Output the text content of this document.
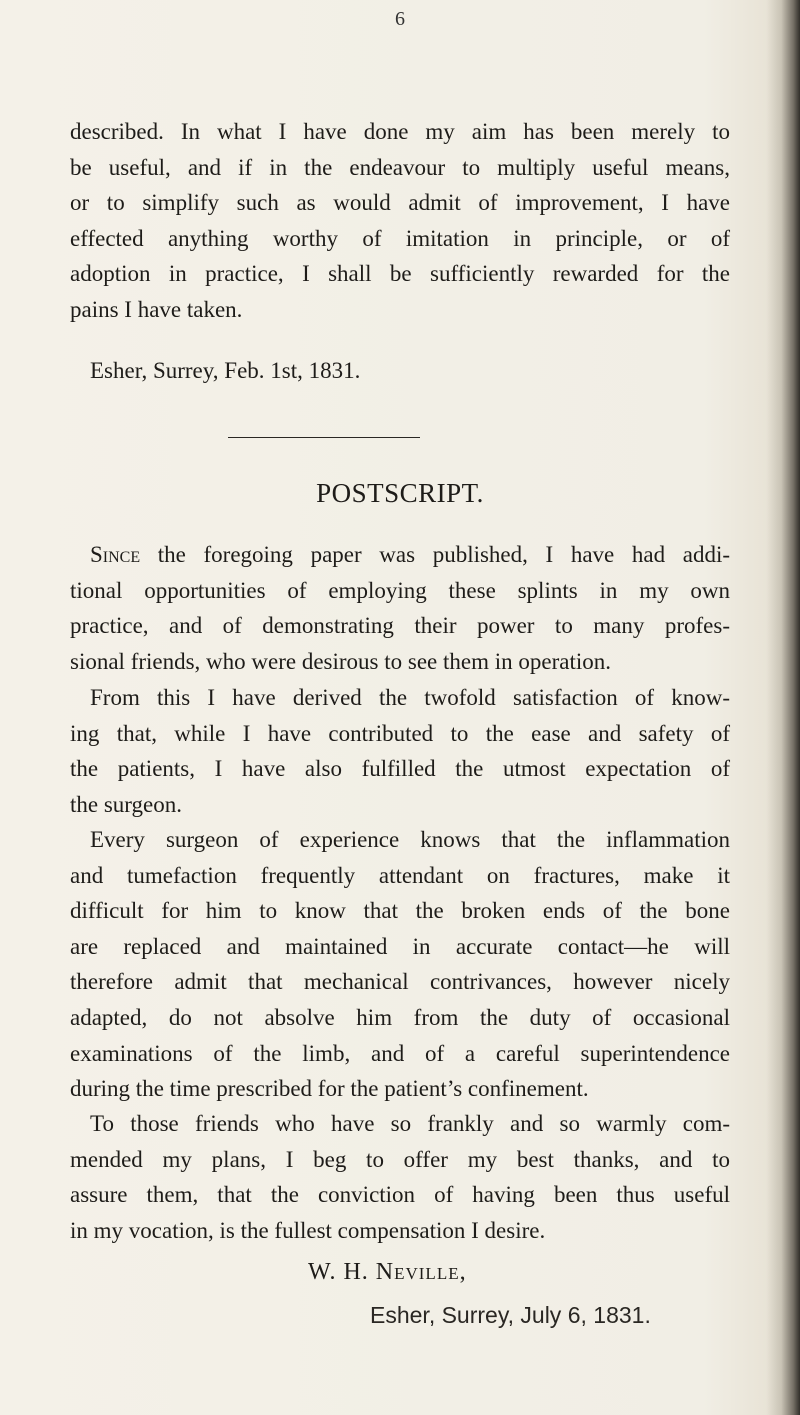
6

described. In what I have done my aim has been merely to
be useful, and if in the endeavour to multiply useful means,
or to simplify such as would admit of improvement, I have
effected anything worthy of imitation in principle, or of
adoption in practice, I shall be sufficiently rewarded for the
pains I have taken.

Esher, Surrey, Feb. 1st, 1831.
POSTSCRIPT.

Since the foregoing paper was published, I have had addi-
tional opportunities of employing these splints in my own
practice, and of demonstrating their power to many profes-
sional friends, who were desirous to see them in operation.

From this I have derived the twofold satisfaction of know-
ing that, while I have contributed to the ease and safety of
the patients, I have also fulfilled the utmost expectation of
the surgeon.

Every surgeon of experience knows that the inflammation
and tumefaction frequently attendant on fractures, make it
difficult for him to know that the broken ends of the bone
are replaced and maintained in accurate contact—he will
therefore admit that mechanical contrivances, however nicely
adapted, do not absolve him from the duty of occasional
examinations of the limb, and of a careful superintendence
during the time prescribed for the patient’s confinement.

To those friends who have so frankly and so warmly com-
mended my plans, I beg to offer my best thanks, and to
assure them, that the conviction of having been thus useful
in my vocation, is the fullest compensation I desire.

W. H. Neville,
Esher, Surrey, July 6, 1831.
